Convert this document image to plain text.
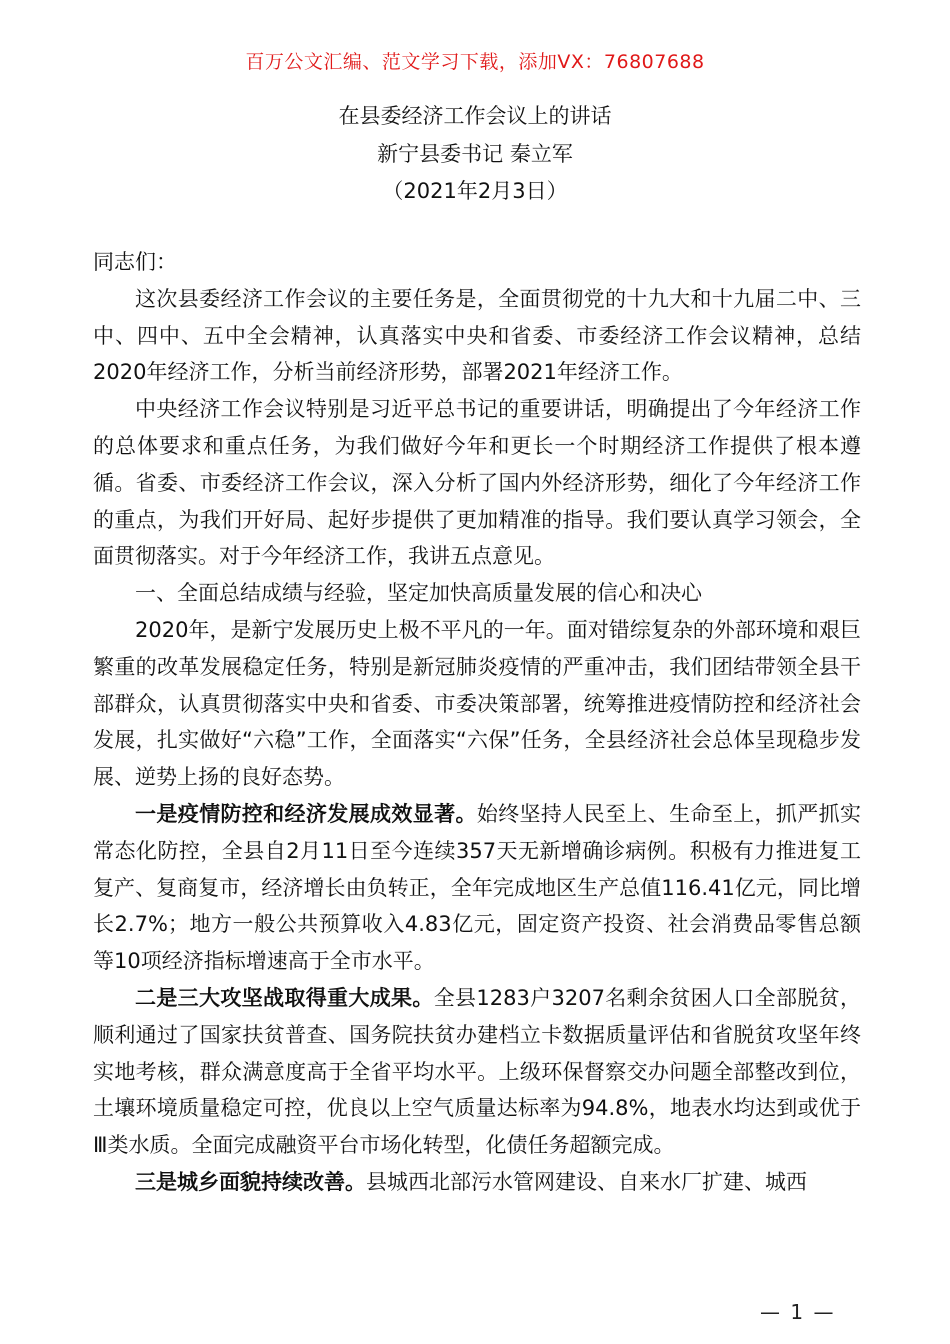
百万公文汇编、范文学习下载，添加VX：76807688
在县委经济工作会议上的讲话
新宁县委书记 秦立军
（2021年2月3日）

同志们：

这次县委经济工作会议的主要任务是，全面贯彻党的十九大和十九届二中、三中、四中、五中全会精神，认真落实中央和省委、市委经济工作会议精神，总结2020年经济工作，分析当前经济形势，部署2021年经济工作。

中央经济工作会议特别是习近平总书记的重要讲话，明确提出了今年经济工作的总体要求和重点任务，为我们做好今年和更长一个时期经济工作提供了根本遵循。省委、市委经济工作会议，深入分析了国内外经济形势，细化了今年经济工作的重点，为我们开好局、起好步提供了更加精准的指导。我们要认真学习领会，全面贯彻落实。对于今年经济工作，我讲五点意见。

一、全面总结成绩与经验，坚定加快高质量发展的信心和决心

2020年，是新宁发展历史上极不平凡的一年。面对错综复杂的外部环境和艰巨繁重的改革发展稳定任务，特别是新冠肺炎疫情的严重冲击，我们团结带领全县干部群众，认真贯彻落实中央和省委、市委决策部署，统筹推进疫情防控和经济社会发展，扎实做好“六稳”工作，全面落实“六保”任务，全县经济社会总体呈现稳步发展、逆势上扬的良好态势。

一是疫情防控和经济发展成效显著。始终坚持人民至上、生命至上，抓严抓实常态化防控，全县自2月11日至今连续357天无新增确诊病例。积极有力推进复工复产、复商复市，经济增长由负转正，全年完成地区生产总值116.41亿元，同比增长2.7%；地方一般公共预算收入4.83亿元，固定资产投资、社会消费品零售总额等10项经济指标增速高于全市水平。

二是三大攻坚战取得重大成果。全县1283户3207名剩余贫困人口全部脱贫，顺利通过了国家扶贫普查、国务院扶贫办建档立卡数据质量评估和省脱贫攻坚年终实地考核，群众满意度高于全省平均水平。上级环保督察交办问题全部整改到位，土壤环境质量稳定可控，优良以上空气质量达标率为94.8%，地表水均达到或优于Ⅲ类水质。全面完成融资平台市场化转型，化债任务超额完成。

三是城乡面貌持续改善。县城西北部污水管网建设、自来水厂扩建、城西

— 1 —
